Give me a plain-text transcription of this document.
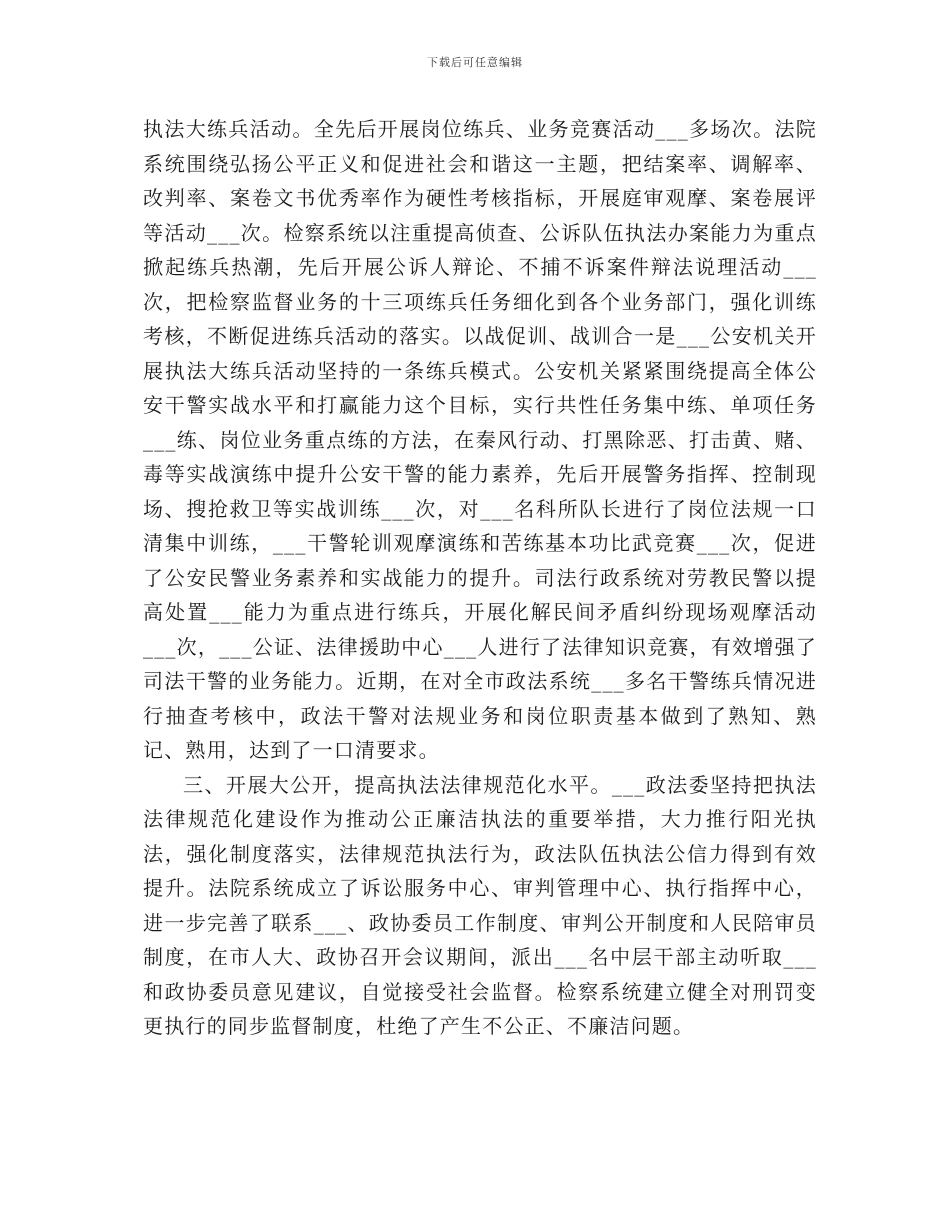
下载后可任意编辑

执法大练兵活动。全先后开展岗位练兵、业务竞赛活动___多场次。法院系统围绕弘扬公平正义和促进社会和谐这一主题，把结案率、调解率、改判率、案卷文书优秀率作为硬性考核指标，开展庭审观摩、案卷展评等活动___次。检察系统以注重提高侦查、公诉队伍执法办案能力为重点掀起练兵热潮，先后开展公诉人辩论、不捕不诉案件辩法说理活动___次，把检察监督业务的十三项练兵任务细化到各个业务部门，强化训练考核，不断促进练兵活动的落实。以战促训、战训合一是___公安机关开展执法大练兵活动坚持的一条练兵模式。公安机关紧紧围绕提高全体公安干警实战水平和打赢能力这个目标，实行共性任务集中练、单项任务___练、岗位业务重点练的方法，在秦风行动、打黑除恶、打击黄、赌、毒等实战演练中提升公安干警的能力素养，先后开展警务指挥、控制现场、搜抢救卫等实战训练___次，对___名科所队长进行了岗位法规一口清集中训练，___干警轮训观摩演练和苦练基本功比武竞赛___次，促进了公安民警业务素养和实战能力的提升。司法行政系统对劳教民警以提高处置___能力为重点进行练兵，开展化解民间矛盾纠纷现场观摩活动___次，___公证、法律援助中心___人进行了法律知识竞赛，有效增强了司法干警的业务能力。近期，在对全市政法系统___多名干警练兵情况进行抽查考核中，政法干警对法规业务和岗位职责基本做到了熟知、熟记、熟用，达到了一口清要求。

三、开展大公开，提高执法法律规范化水平。___政法委坚持把执法法律规范化建设作为推动公正廉洁执法的重要举措，大力推行阳光执法，强化制度落实，法律规范执法行为，政法队伍执法公信力得到有效提升。法院系统成立了诉讼服务中心、审判管理中心、执行指挥中心，进一步完善了联系___、政协委员工作制度、审判公开制度和人民陪审员制度，在市人大、政协召开会议期间，派出___名中层干部主动听取___和政协委员意见建议，自觉接受社会监督。检察系统建立健全对刑罚变更执行的同步监督制度，杜绝了产生不公正、不廉洁问题。
